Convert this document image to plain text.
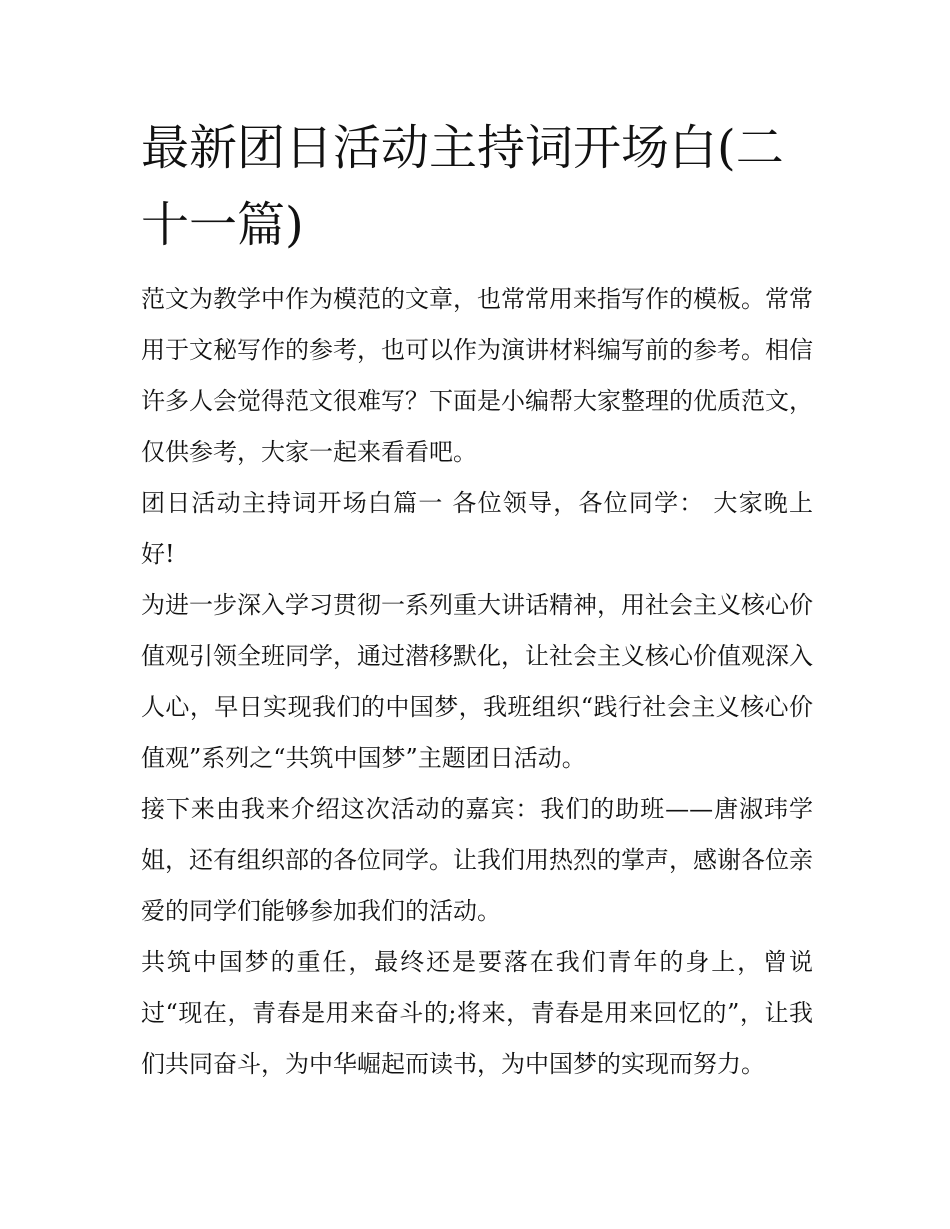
最新团日活动主持词开场白(二十一篇)

范文为教学中作为模范的文章，也常常用来指写作的模板。常常用于文秘写作的参考，也可以作为演讲材料编写前的参考。相信许多人会觉得范文很难写？下面是小编帮大家整理的优质范文，仅供参考，大家一起来看看吧。

团日活动主持词开场白篇一 各位领导，各位同学： 大家晚上好!

为进一步深入学习贯彻一系列重大讲话精神，用社会主义核心价值观引领全班同学，通过潜移默化，让社会主义核心价值观深入人心，早日实现我们的中国梦，我班组织“践行社会主义核心价值观”系列之“共筑中国梦”主题团日活动。

接下来由我来介绍这次活动的嘉宾：我们的助班——唐淑玮学姐，还有组织部的各位同学。让我们用热烈的掌声，感谢各位亲爱的同学们能够参加我们的活动。

共筑中国梦的重任，最终还是要落在我们青年的身上，曾说过“现在，青春是用来奋斗的;将来，青春是用来回忆的”，让我们共同奋斗，为中华崛起而读书，为中国梦的实现而努力。
